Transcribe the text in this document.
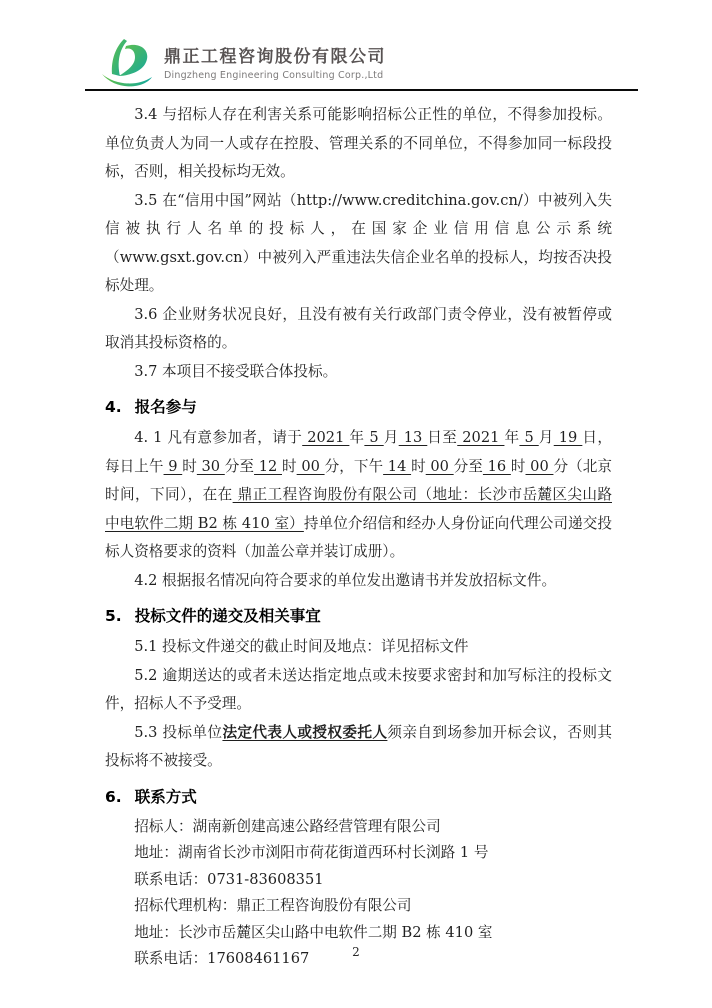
鼎正工程咨询股份有限公司
Dingzheng Engineering Consulting Corp.,Ltd

3.4 与招标人存在利害关系可能影响招标公正性的单位，不得参加投标。单位负责人为同一人或存在控股、管理关系的不同单位，不得参加同一标段投标，否则，相关投标均无效。

3.5 在“信用中国”网站（http://www.creditchina.gov.cn/）中被列入失信被执行人名单的投标人，在国家企业信用信息公示系统（www.gsxt.gov.cn）中被列入严重违法失信企业名单的投标人，均按否决投标处理。

3.6 企业财务状况良好，且没有被有关行政部门责令停业，没有被暂停或取消其投标资格的。

3.7 本项目不接受联合体投标。

4. 报名参与

4. 1 凡有意参加者，请于 2021 年 5 月 13 日至 2021 年 5 月 19 日，每日上午 9 时 30 分至 12 时 00 分，下午 14 时 00 分至 16 时 00 分（北京时间，下同），在在 鼎正工程咨询股份有限公司（地址：长沙市岳麓区尖山路中电软件二期 B2 栋 410 室）持单位介绍信和经办人身份证向代理公司递交投标人资格要求的资料（加盖公章并装订成册）。

4.2 根据报名情况向符合要求的单位发出邀请书并发放招标文件。

5. 投标文件的递交及相关事宜

5.1 投标文件递交的截止时间及地点：详见招标文件

5.2 逾期送达的或者未送达指定地点或未按要求密封和加写标注的投标文件，招标人不予受理。

5.3 投标单位法定代表人或授权委托人须亲自到场参加开标会议，否则其投标将不被接受。

6. 联系方式

招标人：湖南新创建高速公路经营管理有限公司

地址：湖南省长沙市浏阳市荷花街道西环村长浏路 1 号

联系电话：0731-83608351

招标代理机构：鼎正工程咨询股份有限公司

地址：长沙市岳麓区尖山路中电软件二期 B2 栋 410 室

联系电话：17608461167	2
